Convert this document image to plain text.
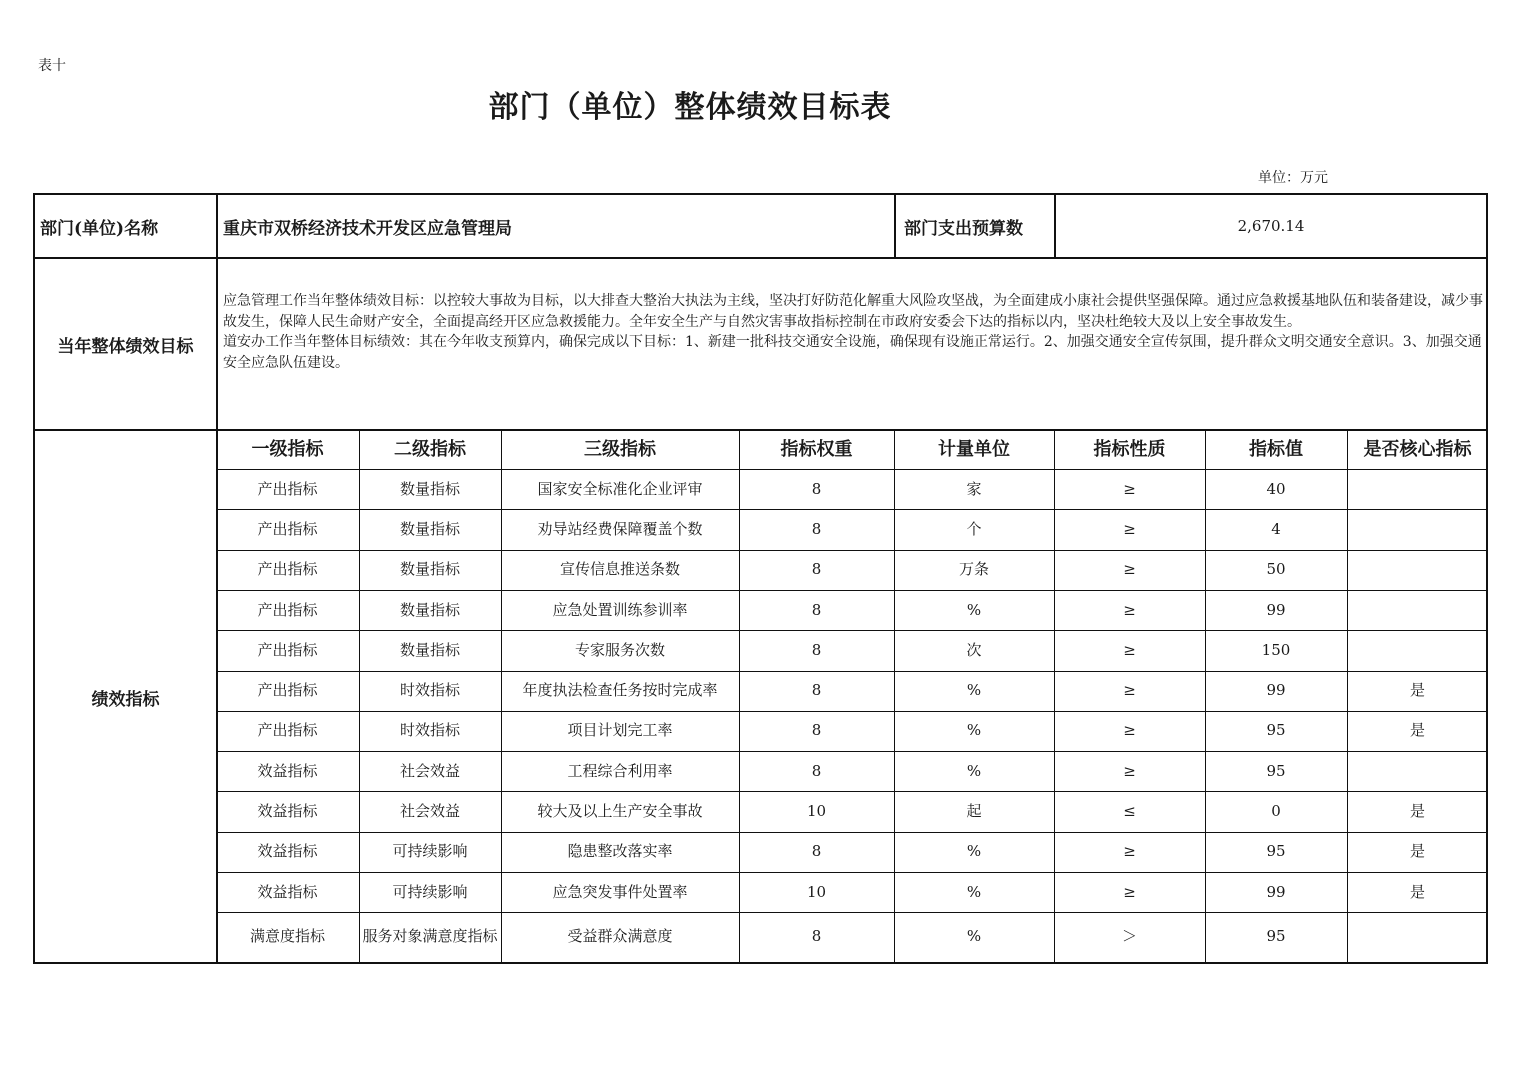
表十
部门（单位）整体绩效目标表
单位：万元
部门(单位)名称	重庆市双桥经济技术开发区应急管理局	部门支出预算数	2,670.14
当年整体绩效目标

应急管理工作当年整体绩效目标：以控较大事故为目标，以大排查大整治大执法为主线，坚决打好防范化解重大风险攻坚战，为全面建成小康社会提供坚强保障。通过应急救援基地队伍和装备建设，减少事故发生，保障人民生命财产安全，全面提高经开区应急救援能力。全年安全生产与自然灾害事故指标控制在市政府安委会下达的指标以内，坚决杜绝较大及以上安全事故发生。

道安办工作当年整体目标绩效：其在今年收支预算内，确保完成以下目标：1、新建一批科技交通安全设施，确保现有设施正常运行。2、加强交通安全宣传氛围，提升群众文明交通安全意识。3、加强交通安全应急队伍建设。

绩效指标
一级指标	二级指标	三级指标	指标权重	计量单位	指标性质	指标值	是否核心指标
产出指标	数量指标	国家安全标准化企业评审	8	家	≥	40
产出指标	数量指标	劝导站经费保障覆盖个数	8	个	≥	4
产出指标	数量指标	宣传信息推送条数	8	万条	≥	50
产出指标	数量指标	应急处置训练参训率	8	%	≥	99
产出指标	数量指标	专家服务次数	8	次	≥	150
产出指标	时效指标	年度执法检查任务按时完成率	8	%	≥	99	是
产出指标	时效指标	项目计划完工率	8	%	≥	95	是
效益指标	社会效益	工程综合利用率	8	%	≥	95
效益指标	社会效益	较大及以上生产安全事故	10	起	≤	0	是
效益指标	可持续影响	隐患整改落实率	8	%	≥	95	是
效益指标	可持续影响	应急突发事件处置率	10	%	≥	99	是
满意度指标	服务对象满意度指标	受益群众满意度	8	%	＞	95
